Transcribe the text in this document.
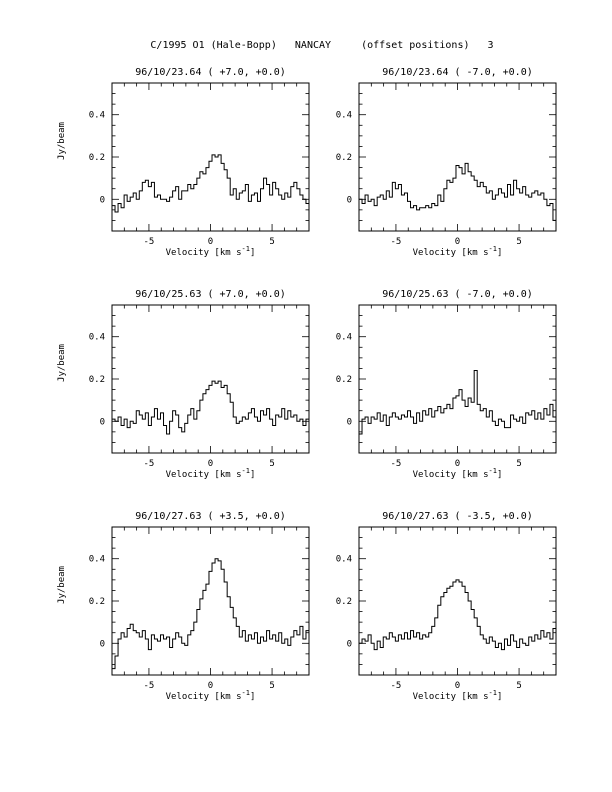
C/1995 O1 (Hale-Bopp)   NANCAY     (offset positions)   3
96/10/23.64 ( +7.0, +0.0)
-5	0	5
0
0.2
0.4
Velocity [km $s^{-1}$]
Jy/beam
96/10/23.64 ( -7.0, +0.0)
-5	0	5
0
0.2
0.4
Velocity [km $s^{-1}$]
96/10/25.63 ( +7.0, +0.0)
-5	0	5
0
0.2
0.4
Velocity [km $s^{-1}$]
Jy/beam
96/10/25.63 ( -7.0, +0.0)
-5	0	5
0
0.2
0.4
Velocity [km $s^{-1}$]
96/10/27.63 ( +3.5, +0.0)
-5	0	5
0
0.2
0.4
Velocity [km $s^{-1}$]
Jy/beam
96/10/27.63 ( -3.5, +0.0)
-5	0	5
0
0.2
0.4
Velocity [km $s^{-1}$]
